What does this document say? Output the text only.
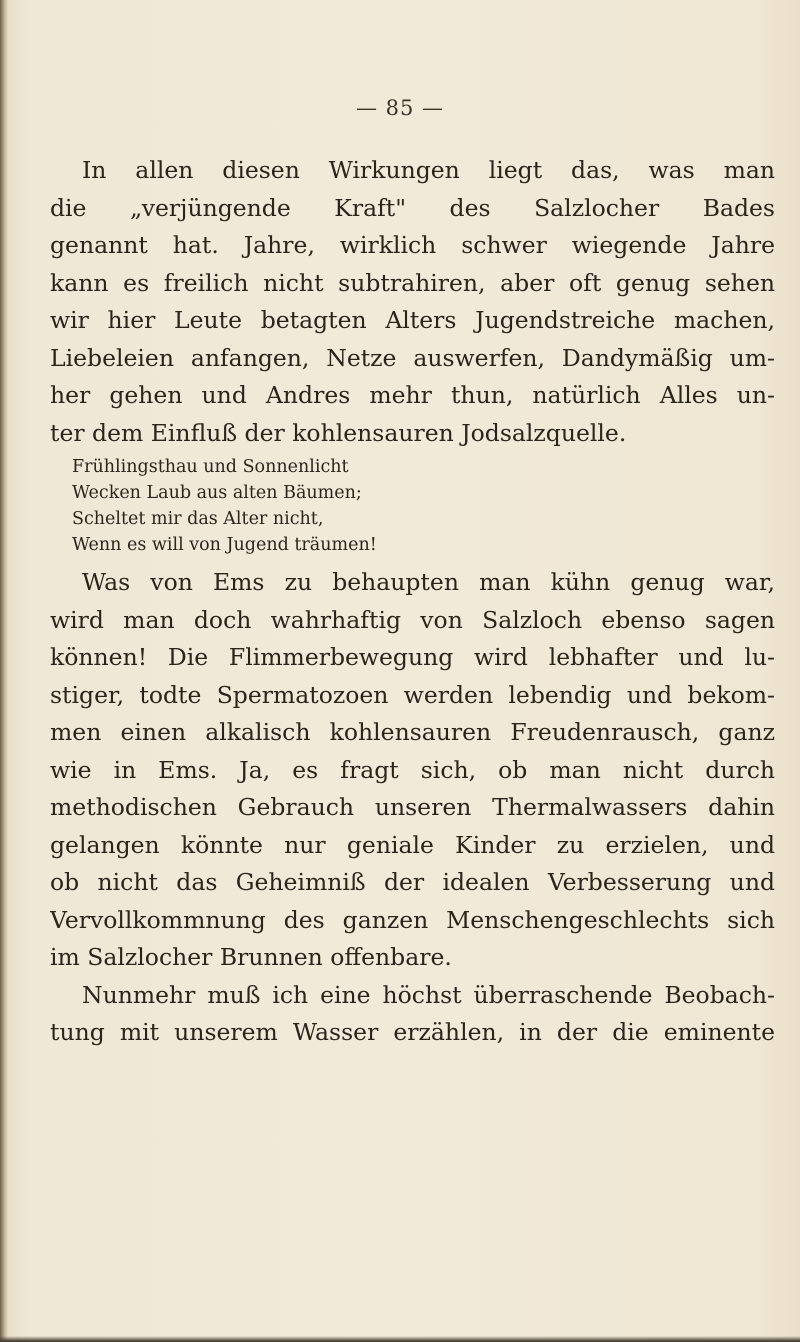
— 85 —
In allen diesen Wirkungen liegt das, was man
die „verjüngende Kraft" des Salzlocher Bades
genannt hat. Jahre, wirklich schwer wiegende Jahre
kann es freilich nicht subtrahiren, aber oft genug sehen
wir hier Leute betagten Alters Jugendstreiche machen,
Liebeleien anfangen, Netze auswerfen, Dandymäßig um-
her gehen und Andres mehr thun, natürlich Alles un-
ter dem Einfluß der kohlensauren Jodsalzquelle.
Frühlingsthau und Sonnenlicht
Wecken Laub aus alten Bäumen;
Scheltet mir das Alter nicht,
Wenn es will von Jugend träumen!
Was von Ems zu behaupten man kühn genug war,
wird man doch wahrhaftig von Salzloch ebenso sagen
können! Die Flimmerbewegung wird lebhafter und lu-
stiger, todte Spermatozoen werden lebendig und bekom-
men einen alkalisch kohlensauren Freudenrausch, ganz
wie in Ems. Ja, es fragt sich, ob man nicht durch
methodischen Gebrauch unseren Thermalwassers dahin
gelangen könnte nur geniale Kinder zu erzielen, und
ob nicht das Geheimniß der idealen Verbesserung und
Vervollkommnung des ganzen Menschengeschlechts sich
im Salzlocher Brunnen offenbare.
Nunmehr muß ich eine höchst überraschende Beobach-
tung mit unserem Wasser erzählen, in der die eminente
